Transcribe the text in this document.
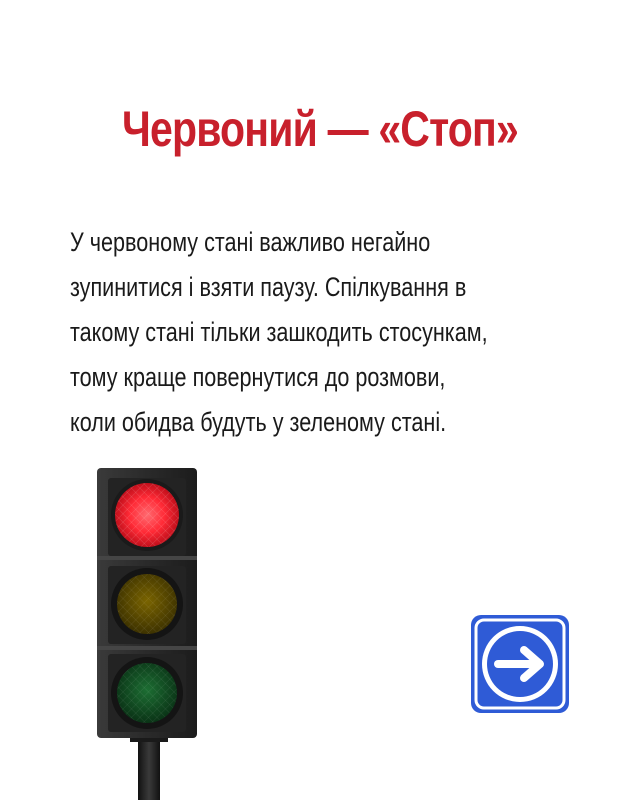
Червоний — «Стоп»
У червоному стані важливо негайно
зупинитися і взяти паузу. Спілкування в
такому стані тільки зашкодить стосункам,
тому краще повернутися до розмови,
коли обидва будуть у зеленому стані.
